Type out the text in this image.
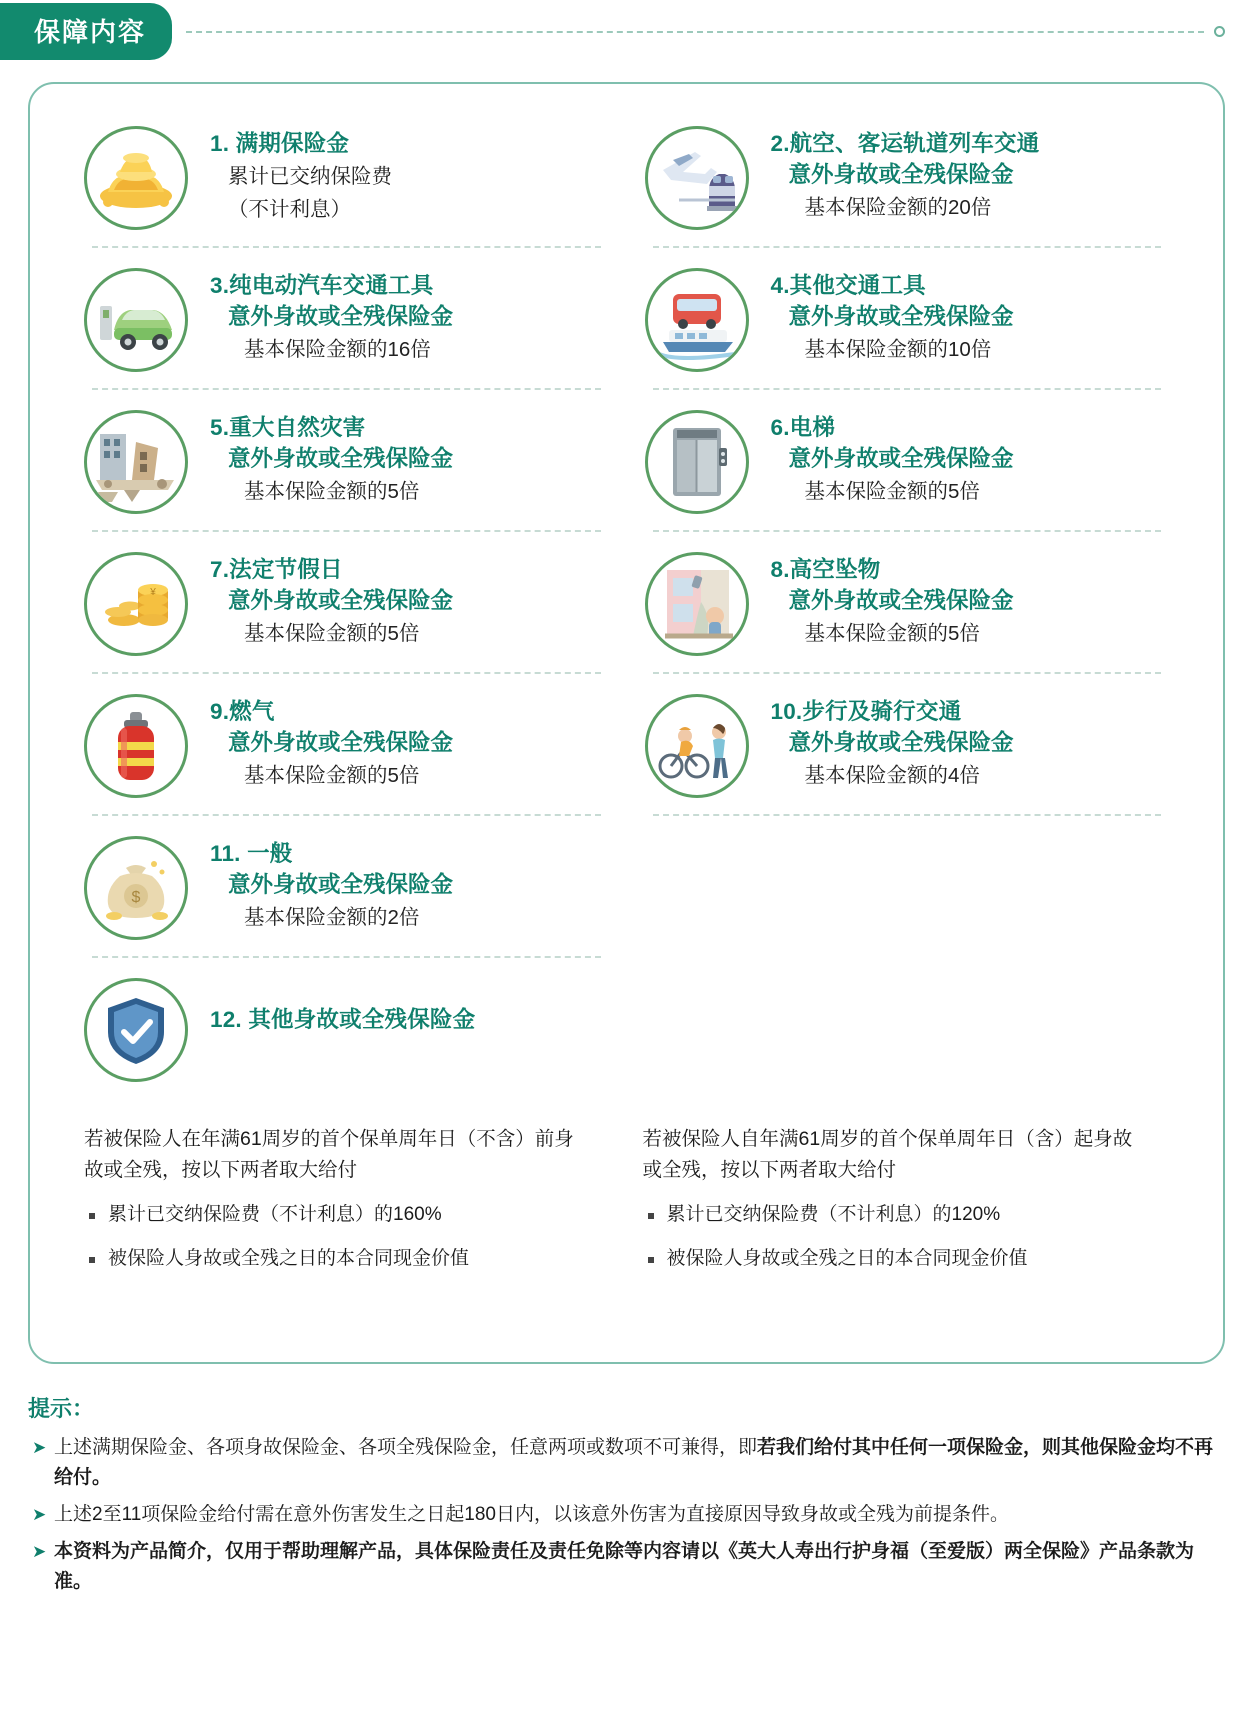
保障内容
1. 满期保险金
累计已交纳保险费
（不计利息）
2.航空、客运轨道列车交通
意外身故或全残保险金
基本保险金额的20倍
3.纯电动汽车交通工具
意外身故或全残保险金
基本保险金额的16倍
4.其他交通工具
意外身故或全残保险金
基本保险金额的10倍
5.重大自然灾害
意外身故或全残保险金
基本保险金额的5倍
6.电梯
意外身故或全残保险金
基本保险金额的5倍
¥
7.法定节假日
意外身故或全残保险金
基本保险金额的5倍
8.高空坠物
意外身故或全残保险金
基本保险金额的5倍
9.燃气
意外身故或全残保险金
基本保险金额的5倍
10.步行及骑行交通
意外身故或全残保险金
基本保险金额的4倍
$
11. 一般
意外身故或全残保险金
基本保险金额的2倍
12. 其他身故或全残保险金
若被保险人在年满61周岁的首个保单周年日（不含）前身故或全残，按以下两者取大给付
累计已交纳保险费（不计利息）的160%
被保险人身故或全残之日的本合同现金价值
若被保险人自年满61周岁的首个保单周年日（含）起身故或全残，按以下两者取大给付
累计已交纳保险费（不计利息）的120%
被保险人身故或全残之日的本合同现金价值
提示：
➤ 上述满期保险金、各项身故保险金、各项全残保险金，任意两项或数项不可兼得，即若我们给付其中任何一项保险金，则其他保险金均不再给付。
➤ 上述2至11项保险金给付需在意外伤害发生之日起180日内，以该意外伤害为直接原因导致身故或全残为前提条件。
➤ 本资料为产品简介，仅用于帮助理解产品，具体保险责任及责任免除等内容请以《英大人寿出行护身福（至爱版）两全保险》产品条款为准。
